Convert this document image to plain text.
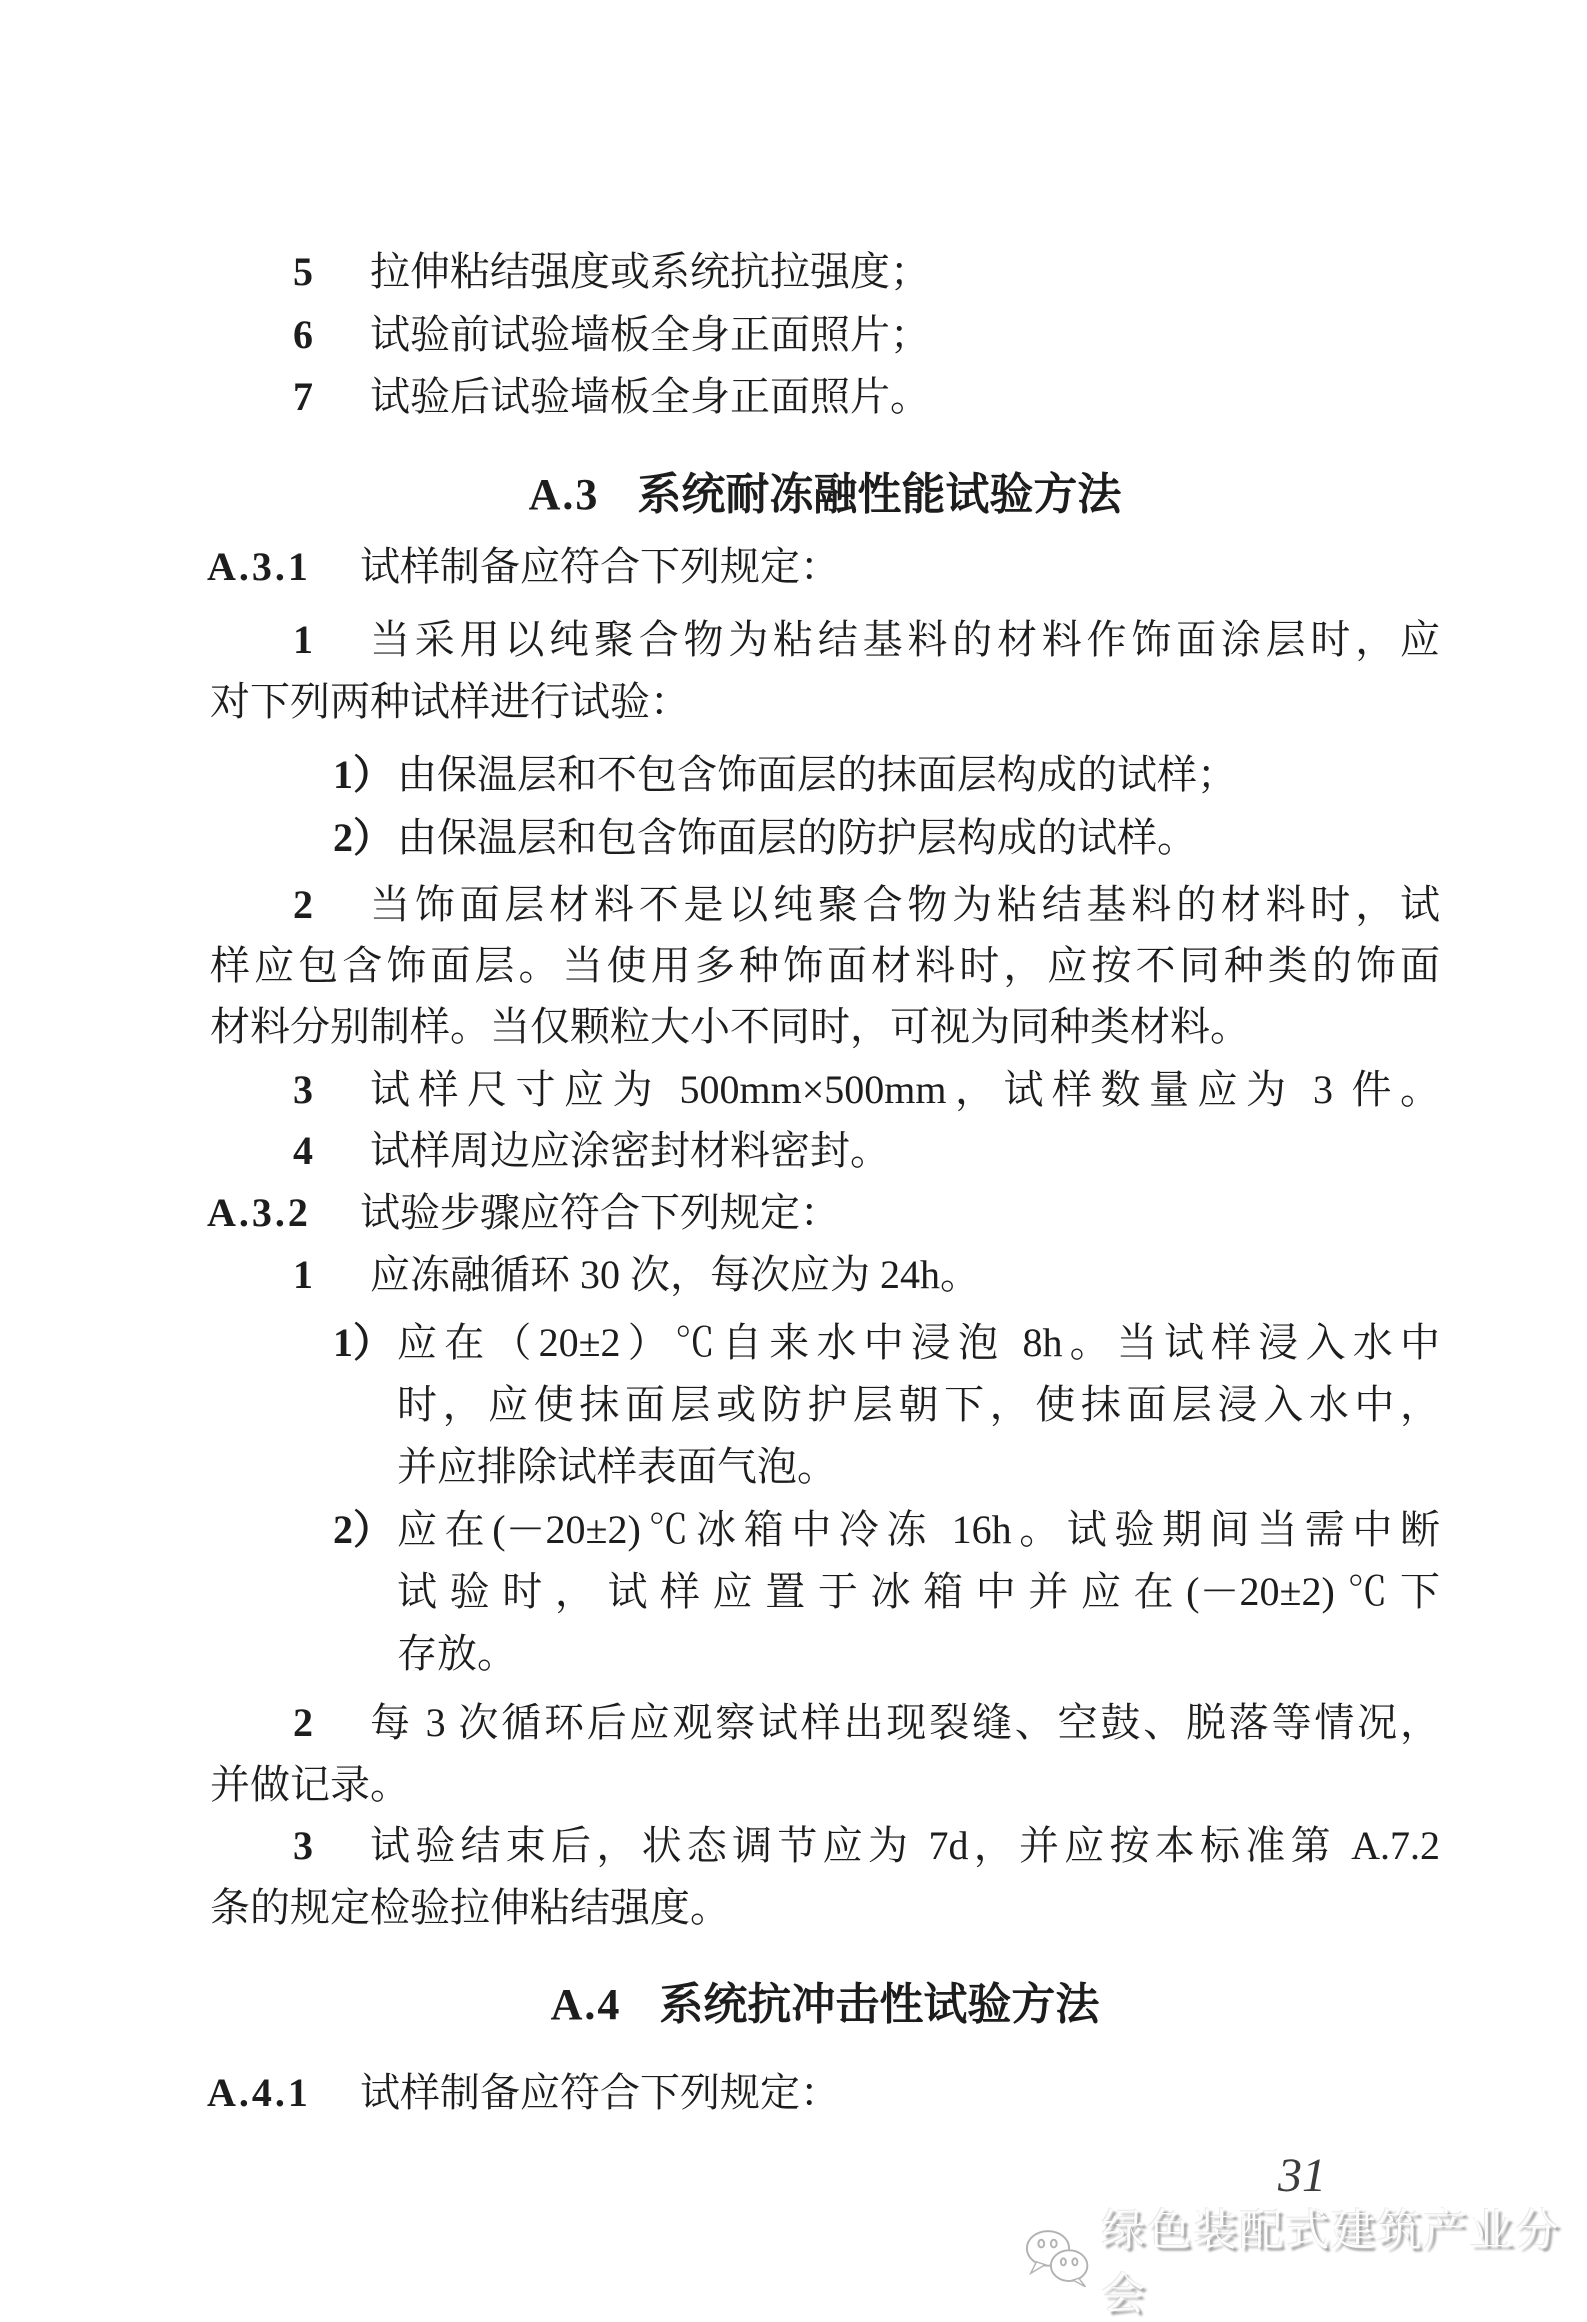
5 拉伸粘结强度或系统抗拉强度；
6 试验前试验墙板全身正面照片；
7 试验后试验墙板全身正面照片。
A.3 系统耐冻融性能试验方法
A.3.1 试样制备应符合下列规定：
1 当采用以纯聚合物为粘结基料的材料作饰面涂层时，应
对下列两种试样进行试验：
1） 由保温层和不包含饰面层的抹面层构成的试样；
2） 由保温层和包含饰面层的防护层构成的试样。
2 当饰面层材料不是以纯聚合物为粘结基料的材料时，试
样应包含饰面层。当使用多种饰面材料时，应按不同种类的饰面
材料分别制样。当仅颗粒大小不同时，可视为同种类材料。
3 试样尺寸应为 500mm×500mm，试样数量应为 3 件。
4 试样周边应涂密封材料密封。
A.3.2 试验步骤应符合下列规定：
1 应冻融循环 30 次，每次应为 24h。
1） 应在（20±2）℃自来水中浸泡 8h。当试样浸入水中
时，应使抹面层或防护层朝下，使抹面层浸入水中，
并应排除试样表面气泡。
2） 应在(－20±2)℃冰箱中冷冻 16h。试验期间当需中断
试验时，试样应置于冰箱中并应在(－20±2)℃下
存放。
2 每 3 次循环后应观察试样出现裂缝、空鼓、脱落等情况，
并做记录。
3 试验结束后，状态调节应为 7d，并应按本标准第 A.7.2
条的规定检验拉伸粘结强度。
A.4 系统抗冲击性试验方法
A.4.1 试样制备应符合下列规定：
31
绿色装配式建筑产业分会
